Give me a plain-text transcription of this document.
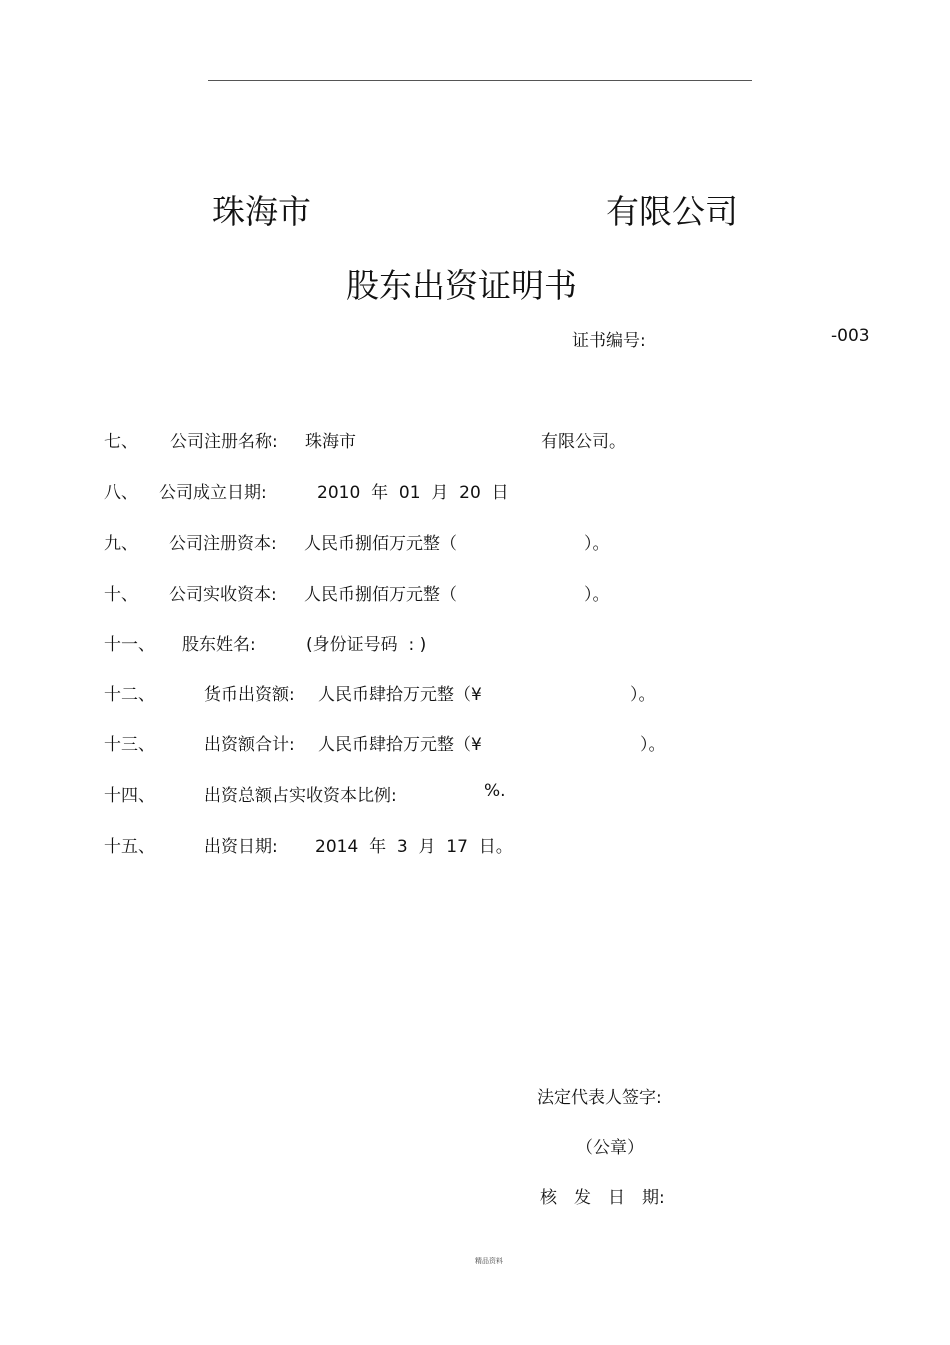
珠海市	有限公司
股东出资证明书
证书编号:	-003
七、 公司注册名称: 珠海市	有限公司。
八、 公司成立日期:	2010  年  01  月  20  日
九、 公司注册资本: 人民币捌佰万元整（	）。
十、 公司实收资本: 人民币捌佰万元整（	）。
十一、 股东姓名:	(身份证号码  : )
十二、	货币出资额: 人民币肆拾万元整（¥	）。
十三、	出资额合计: 人民币肆拾万元整（¥	）。
十四、	出资总额占实收资本比例:	%.
十五、	出资日期: 2014  年  3  月  17  日。
法定代表人签字:
（公章）
核　发　日　期:
精品资料
